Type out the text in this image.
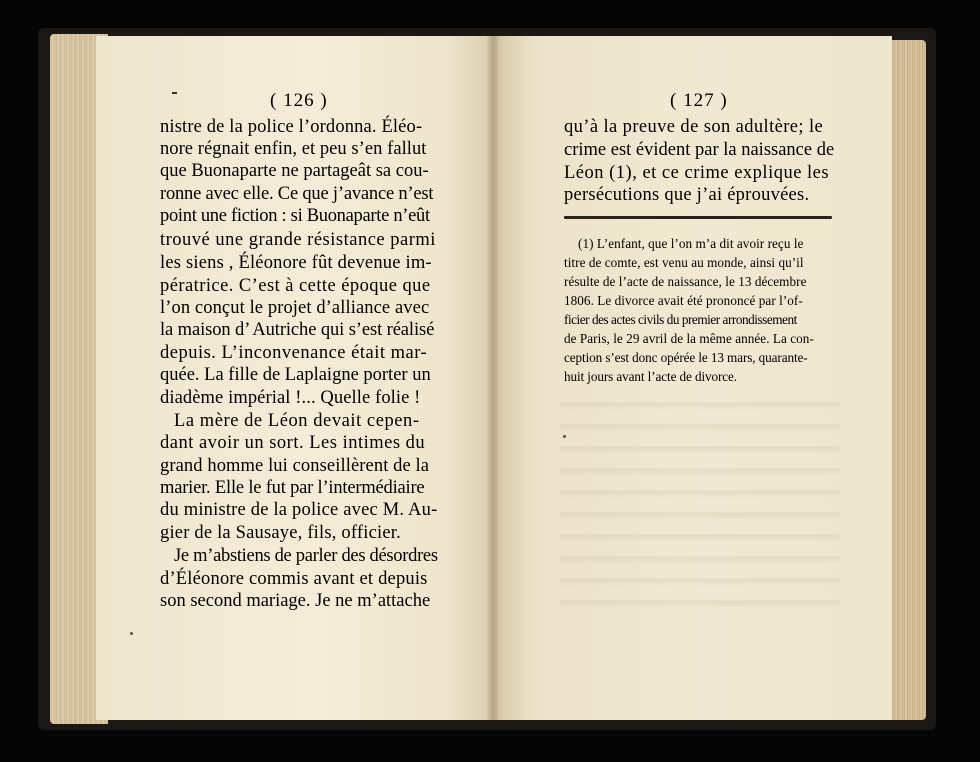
( 126 )
nistre de la police l’ordonna. Éléo-
nore régnait enfin, et peu s’en fallut
que Buonaparte ne partageât sa cou-
ronne avec elle. Ce que j’avance n’est
point une fiction : si Buonaparte n’eût
trouvé une grande résistance parmi
les siens , Éléonore fût devenue im-
pératrice. C’est à cette époque que
l’on conçut le projet d’alliance avec
la maison d’ Autriche qui s’est réalisé
depuis. L’inconvenance était mar-
quée. La fille de Laplaigne porter un
diadème impérial !... Quelle folie !
La mère de Léon devait cepen-
dant avoir un sort. Les intimes du
grand homme lui conseillèrent de la
marier. Elle le fut par l’intermédiaire
du ministre de la police avec M. Au-
gier de la Sausaye, fils, officier.
Je m’abstiens de parler des désordres
d’Éléonore commis avant et depuis
son second mariage. Je ne m’attache
( 127 )
qu’à la preuve de son adultère; le
crime est évident par la naissance de
Léon (1), et ce crime explique les
persécutions que j’ai éprouvées.
(1) L’enfant, que l’on m’a dit avoir reçu le
titre de comte, est venu au monde, ainsi qu’il
résulte de l’acte de naissance, le 13 décembre
1806. Le divorce avait été prononcé par l’of-
ficier des actes civils du premier arrondissement
de Paris, le 29 avril de la même année. La con-
ception s’est donc opérée le 13 mars, quarante-
huit jours avant l’acte de divorce.
